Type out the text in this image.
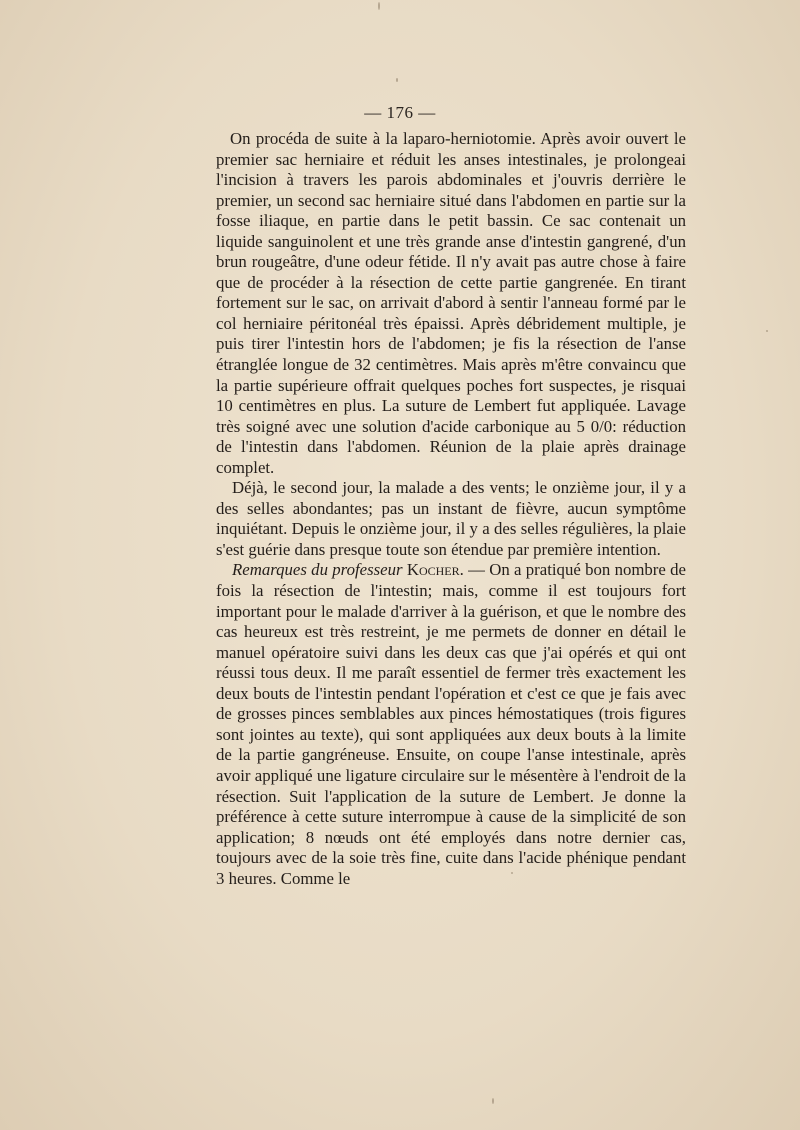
— 176 —

On procéda de suite à la laparo-herniotomie. Après avoir ouvert le premier sac herniaire et réduit les anses intestinales, je prolongeai l'incision à travers les parois abdominales et j'ouvris derrière le premier, un second sac herniaire situé dans l'abdomen en partie sur la fosse iliaque, en partie dans le petit bassin. Ce sac contenait un liquide sanguinolent et une très grande anse d'intestin gangrené, d'un brun rougeâtre, d'une odeur fétide. Il n'y avait pas autre chose à faire que de procéder à la résection de cette partie gangrenée. En tirant fortement sur le sac, on arrivait d'abord à sentir l'anneau formé par le col herniaire péritonéal très épaissi. Après débridement multiple, je puis tirer l'intestin hors de l'abdomen; je fis la résection de l'anse étranglée longue de 32 centimètres. Mais après m'être convaincu que la partie supérieure offrait quelques poches fort suspectes, je risquai 10 centimètres en plus. La suture de Lembert fut appliquée. Lavage très soigné avec une solution d'acide carbonique au 5 0/0: réduction de l'intestin dans l'abdomen. Réunion de la plaie après drainage complet.

Déjà, le second jour, la malade a des vents; le onzième jour, il y a des selles abondantes; pas un instant de fièvre, aucun symptôme inquiétant. Depuis le onzième jour, il y a des selles régulières, la plaie s'est guérie dans presque toute son étendue par première intention.

Remarques du professeur Kocher. — On a pratiqué bon nombre de fois la résection de l'intestin; mais, comme il est toujours fort important pour le malade d'arriver à la guérison, et que le nombre des cas heureux est très restreint, je me permets de donner en détail le manuel opératoire suivi dans les deux cas que j'ai opérés et qui ont réussi tous deux. Il me paraît essentiel de fermer très exactement les deux bouts de l'intestin pendant l'opération et c'est ce que je fais avec de grosses pinces semblables aux pinces hémostatiques (trois figures sont jointes au texte), qui sont appliquées aux deux bouts à la limite de la partie gangréneuse. Ensuite, on coupe l'anse intestinale, après avoir appliqué une ligature circulaire sur le mésentère à l'endroit de la résection. Suit l'application de la suture de Lembert. Je donne la préférence à cette suture interrompue à cause de la simplicité de son application; 8 nœuds ont été employés dans notre dernier cas, toujours avec de la soie très fine, cuite dans l'acide phénique pendant 3 heures. Comme le
